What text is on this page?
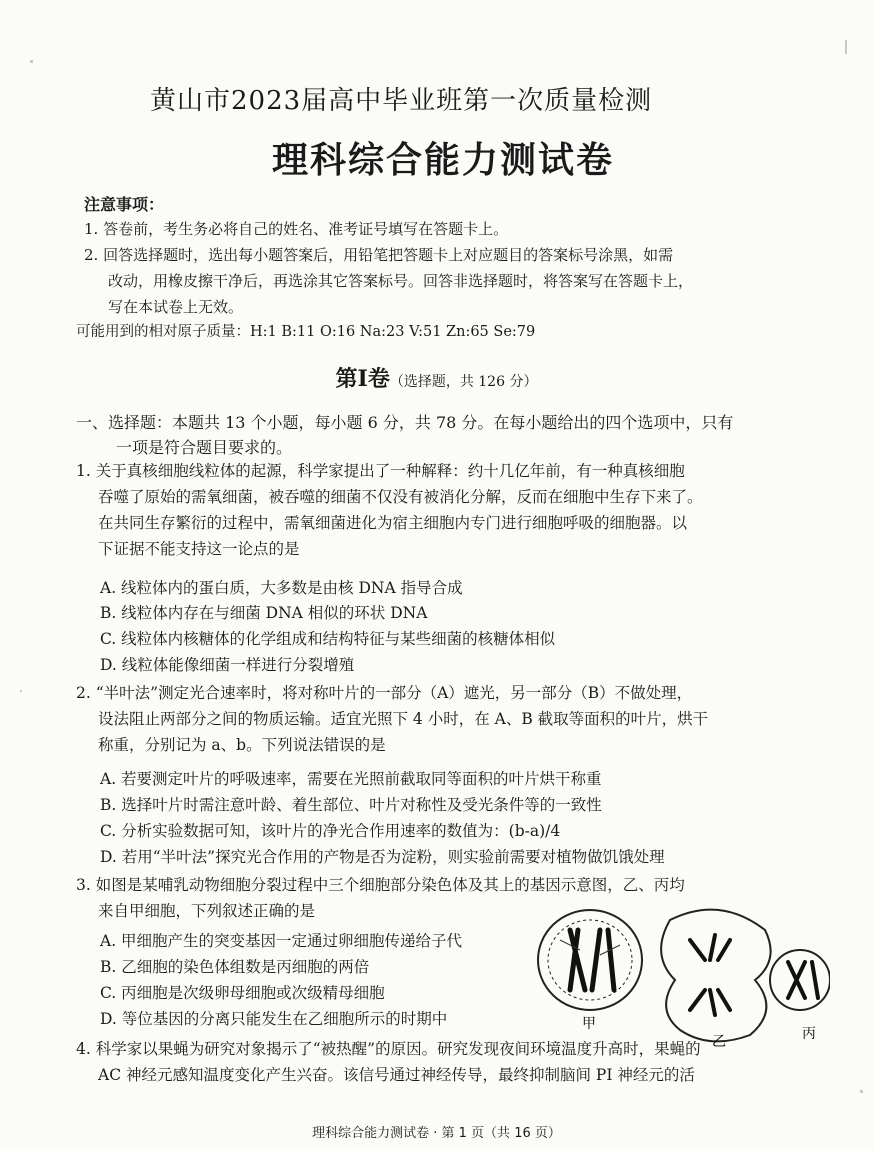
黄山市2023届高中毕业班第一次质量检测
理科综合能力测试卷
注意事项：
1. 答卷前，考生务必将自己的姓名、准考证号填写在答题卡上。
2. 回答选择题时，选出每小题答案后，用铅笔把答题卡上对应题目的答案标号涂黑，如需
改动，用橡皮擦干净后，再选涂其它答案标号。回答非选择题时，将答案写在答题卡上，
写在本试卷上无效。
可能用到的相对原子质量：H:1 B:11 O:16 Na:23 V:51 Zn:65 Se:79
第Ⅰ卷（选择题，共 126 分）
一、选择题：本题共 13 个小题，每小题 6 分，共 78 分。在每小题给出的四个选项中，只有
一项是符合题目要求的。
1. 关于真核细胞线粒体的起源，科学家提出了一种解释：约十几亿年前，有一种真核细胞
吞噬了原始的需氧细菌，被吞噬的细菌不仅没有被消化分解，反而在细胞中生存下来了。
在共同生存繁衍的过程中，需氧细菌进化为宿主细胞内专门进行细胞呼吸的细胞器。以
下证据不能支持这一论点的是
A. 线粒体内的蛋白质，大多数是由核 DNA 指导合成
B. 线粒体内存在与细菌 DNA 相似的环状 DNA
C. 线粒体内核糖体的化学组成和结构特征与某些细菌的核糖体相似
D. 线粒体能像细菌一样进行分裂增殖
2. “半叶法”测定光合速率时，将对称叶片的一部分（A）遮光，另一部分（B）不做处理，
设法阻止两部分之间的物质运输。适宜光照下 4 小时，在 A、B 截取等面积的叶片，烘干
称重，分别记为 a、b。下列说法错误的是
A. 若要测定叶片的呼吸速率，需要在光照前截取同等面积的叶片烘干称重
B. 选择叶片时需注意叶龄、着生部位、叶片对称性及受光条件等的一致性
C. 分析实验数据可知，该叶片的净光合作用速率的数值为：(b-a)/4
D. 若用“半叶法”探究光合作用的产物是否为淀粉，则实验前需要对植物做饥饿处理
3. 如图是某哺乳动物细胞分裂过程中三个细胞部分染色体及其上的基因示意图，乙、丙均
来自甲细胞，下列叙述正确的是
A. 甲细胞产生的突变基因一定通过卵细胞传递给子代
B. 乙细胞的染色体组数是丙细胞的两倍
C. 丙细胞是次级卵母细胞或次级精母细胞
D. 等位基因的分离只能发生在乙细胞所示的时期中
乙	丙
甲
4. 科学家以果蝇为研究对象揭示了“被热醒”的原因。研究发现夜间环境温度升高时，果蝇的
AC 神经元感知温度变化产生兴奋。该信号通过神经传导，最终抑制脑间 PI 神经元的活
理科综合能力测试卷 · 第 1 页（共 16 页）
